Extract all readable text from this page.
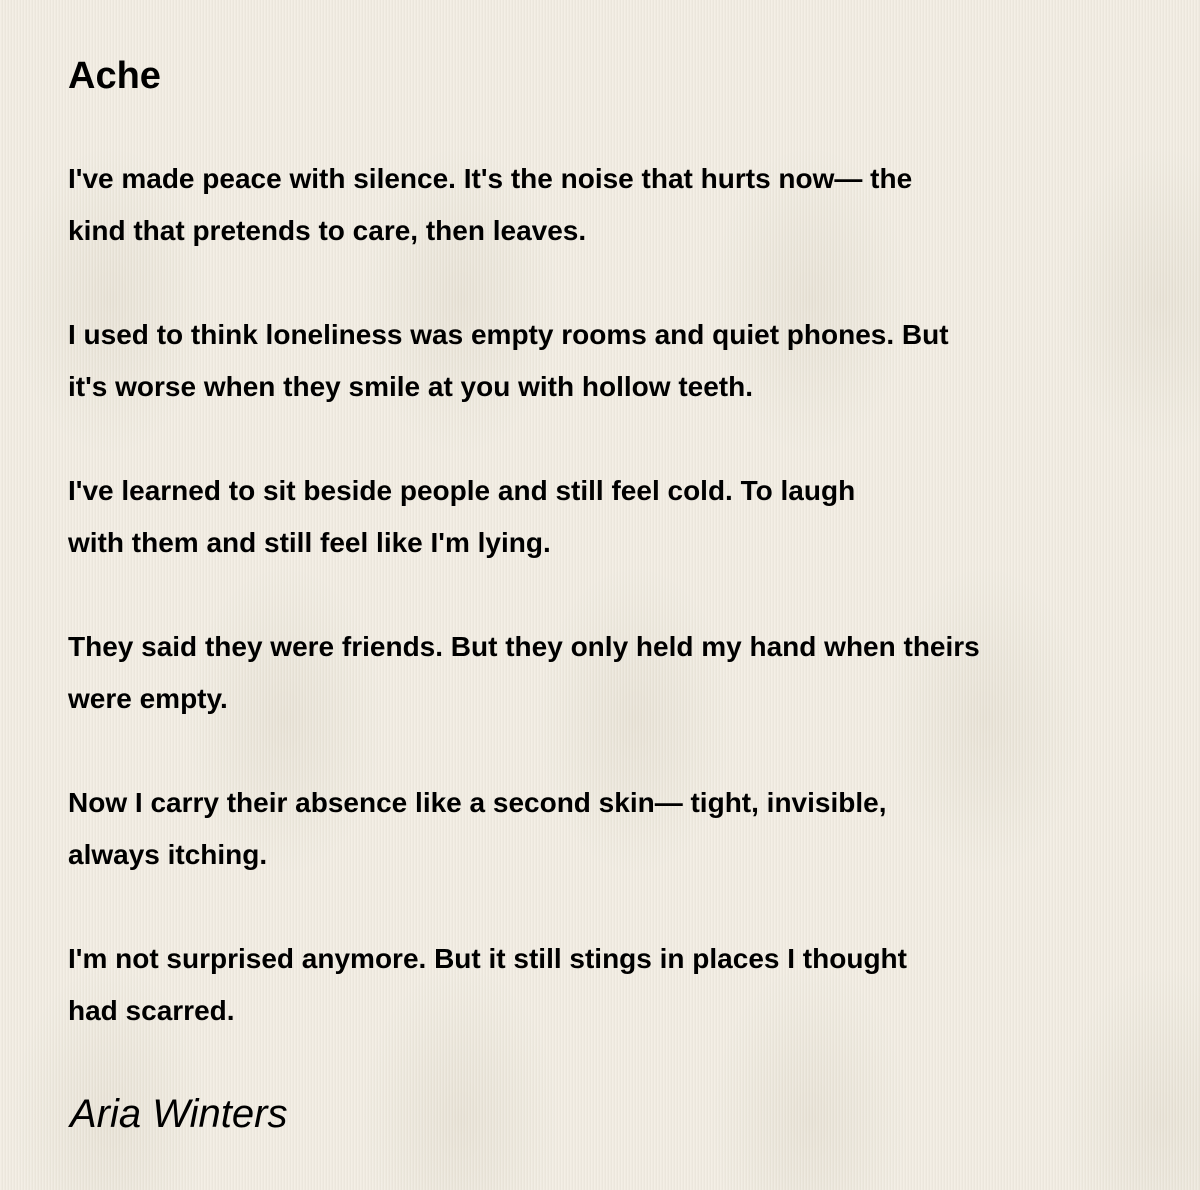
Ache

I've made peace with silence. It's the noise that hurts now— the
kind that pretends to care, then leaves.

I used to think loneliness was empty rooms and quiet phones. But
it's worse when they smile at you with hollow teeth.

I've learned to sit beside people and still feel cold. To laugh
with them and still feel like I'm lying.

They said they were friends. But they only held my hand when theirs
were empty.

Now I carry their absence like a second skin— tight, invisible,
always itching.

I'm not surprised anymore. But it still stings in places I thought
had scarred.

Aria Winters
